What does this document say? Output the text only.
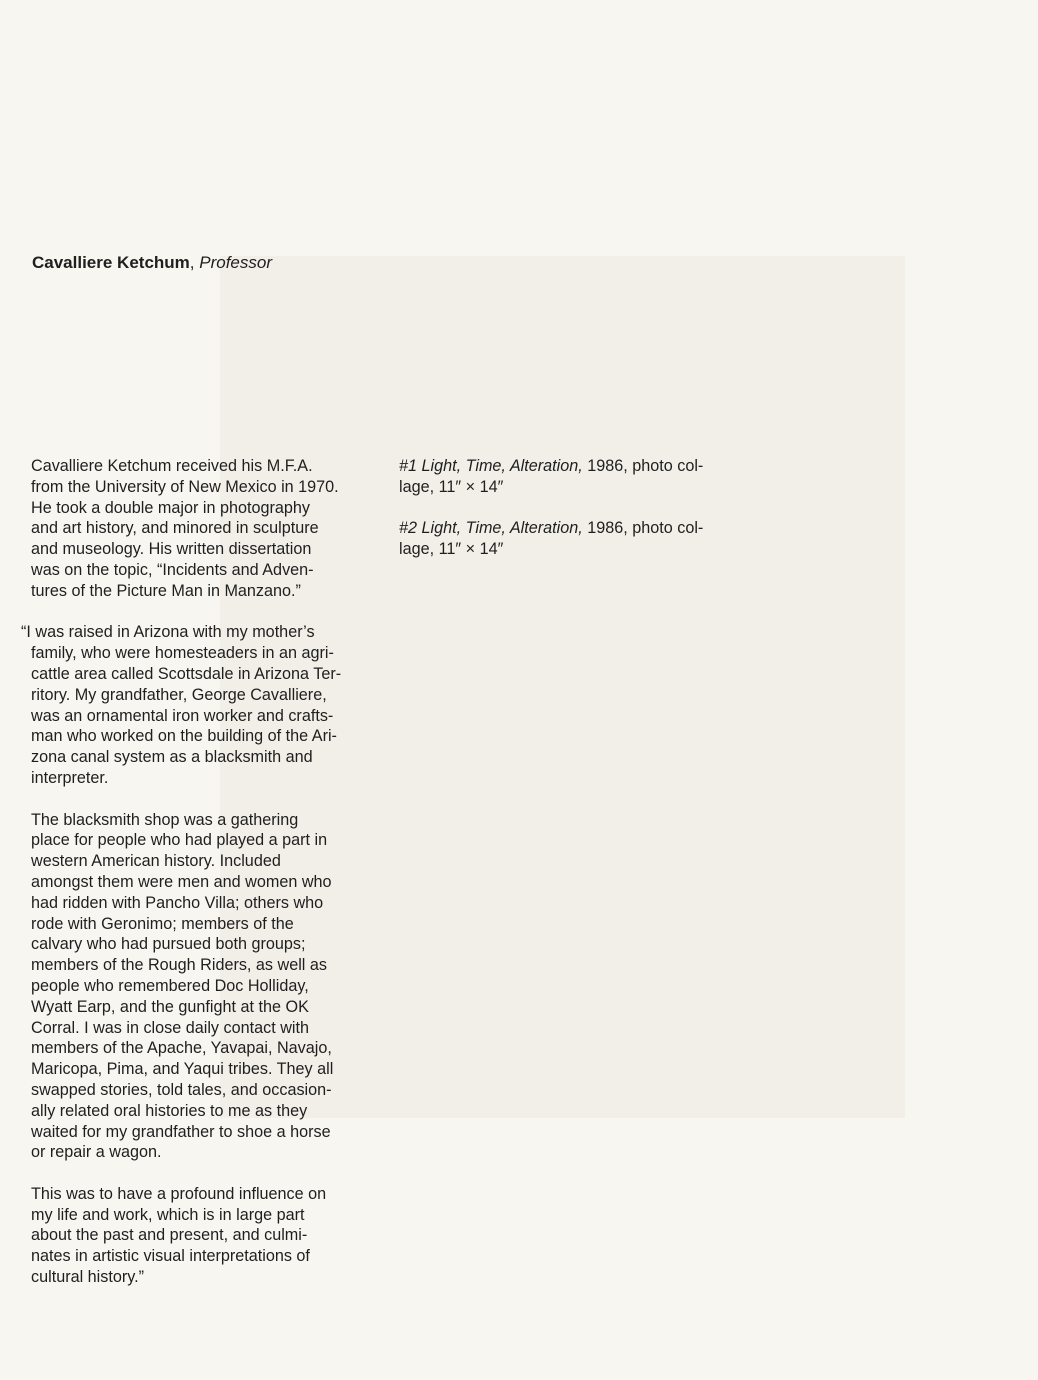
Cavalliere Ketchum, Professor

Cavalliere Ketchum received his M.F.A.
from the University of New Mexico in 1970.
He took a double major in photography
and art history, and minored in sculpture
and museology. His written dissertation
was on the topic, “Incidents and Adven-
tures of the Picture Man in Manzano.”

“I was raised in Arizona with my mother’s
family, who were homesteaders in an agri-
cattle area called Scottsdale in Arizona Ter-
ritory. My grandfather, George Cavalliere,
was an ornamental iron worker and crafts-
man who worked on the building of the Ari-
zona canal system as a blacksmith and
interpreter.

The blacksmith shop was a gathering
place for people who had played a part in
western American history. Included
amongst them were men and women who
had ridden with Pancho Villa; others who
rode with Geronimo; members of the
calvary who had pursued both groups;
members of the Rough Riders, as well as
people who remembered Doc Holliday,
Wyatt Earp, and the gunfight at the OK
Corral. I was in close daily contact with
members of the Apache, Yavapai, Navajo,
Maricopa, Pima, and Yaqui tribes. They all
swapped stories, told tales, and occasion-
ally related oral histories to me as they
waited for my grandfather to shoe a horse
or repair a wagon.

This was to have a profound influence on
my life and work, which is in large part
about the past and present, and culmi-
nates in artistic visual interpretations of
cultural history.”

#1 Light, Time, Alteration, 1986, photo col-
lage, 11″ × 14″

#2 Light, Time, Alteration, 1986, photo col-
lage, 11″ × 14″
